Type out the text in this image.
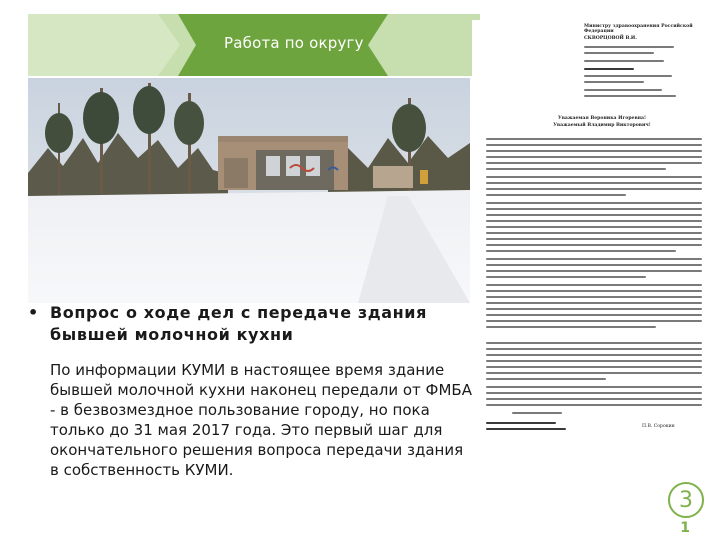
Работа по округу
• Вопрос о ходе дел с передаче здания бывшей молочной кухни
По информации КУМИ в настоящее время здание бывшей молочной кухни наконец передали от ФМБА - в безвозмездное пользование городу, но пока только до 31 мая 2017 года. Это первый шаг для окончательного решения вопроса передачи здания в собственность КУМИ.
Министру здравоохранения Российской Федерации
СКВОРЦОВОЙ В.И.
Уважаемая Вероника Игоревна!
Уважаемый Владимир Викторович!
П.В. Сорокин
3
1
